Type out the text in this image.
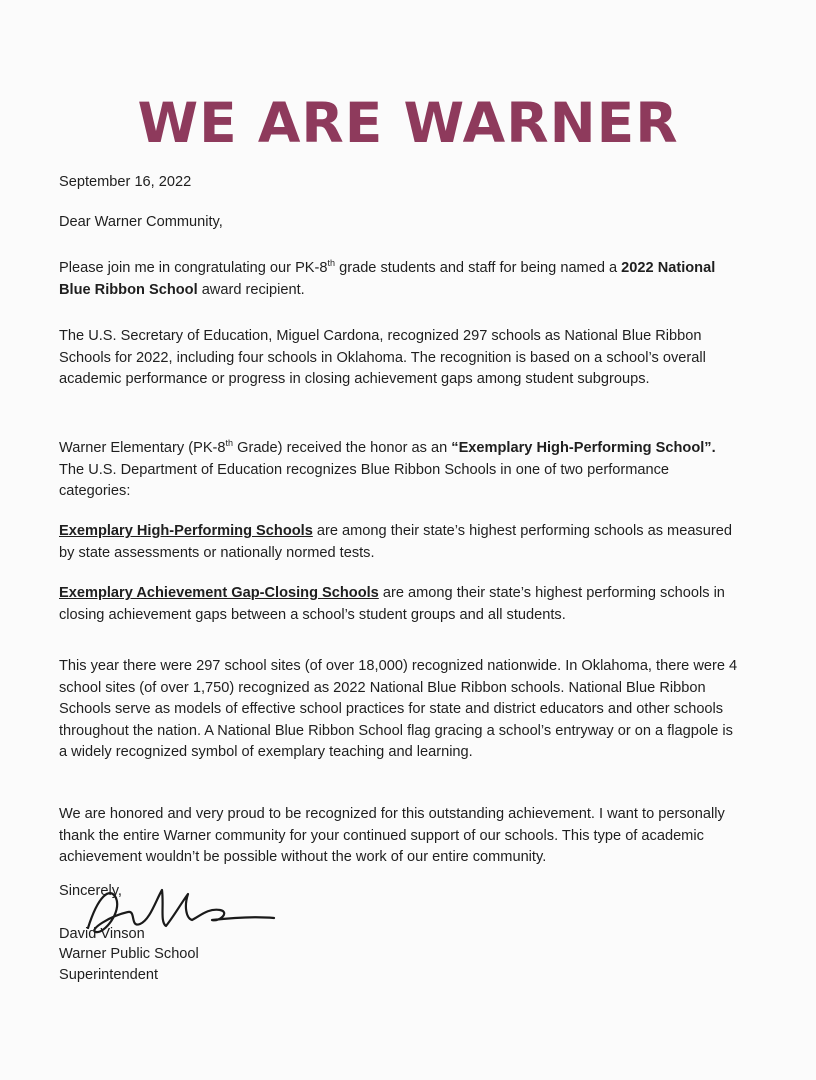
WE ARE WARNER

September 16, 2022

Dear Warner Community,

Please join me in congratulating our PK-8th grade students and staff for being named a 2022 National Blue Ribbon School award recipient.

The U.S. Secretary of Education, Miguel Cardona, recognized 297 schools as National Blue Ribbon Schools for 2022, including four schools in Oklahoma. The recognition is based on a school’s overall academic performance or progress in closing achievement gaps among student subgroups.

Warner Elementary (PK-8th Grade) received the honor as an “Exemplary High-Performing School”. The U.S. Department of Education recognizes Blue Ribbon Schools in one of two performance categories:

Exemplary High-Performing Schools are among their state’s highest performing schools as measured by state assessments or nationally normed tests.

Exemplary Achievement Gap-Closing Schools are among their state’s highest performing schools in closing achievement gaps between a school’s student groups and all students.

This year there were 297 school sites (of over 18,000) recognized nationwide. In Oklahoma, there were 4 school sites (of over 1,750) recognized as 2022 National Blue Ribbon schools. National Blue Ribbon Schools serve as models of effective school practices for state and district educators and other schools throughout the nation. A National Blue Ribbon School flag gracing a school’s entryway or on a flagpole is a widely recognized symbol of exemplary teaching and learning.

We are honored and very proud to be recognized for this outstanding achievement. I want to personally thank the entire Warner community for your continued support of our schools. This type of academic achievement wouldn’t be possible without the work of our entire community.

Sincerely,

David Vinson

Warner Public School

Superintendent
